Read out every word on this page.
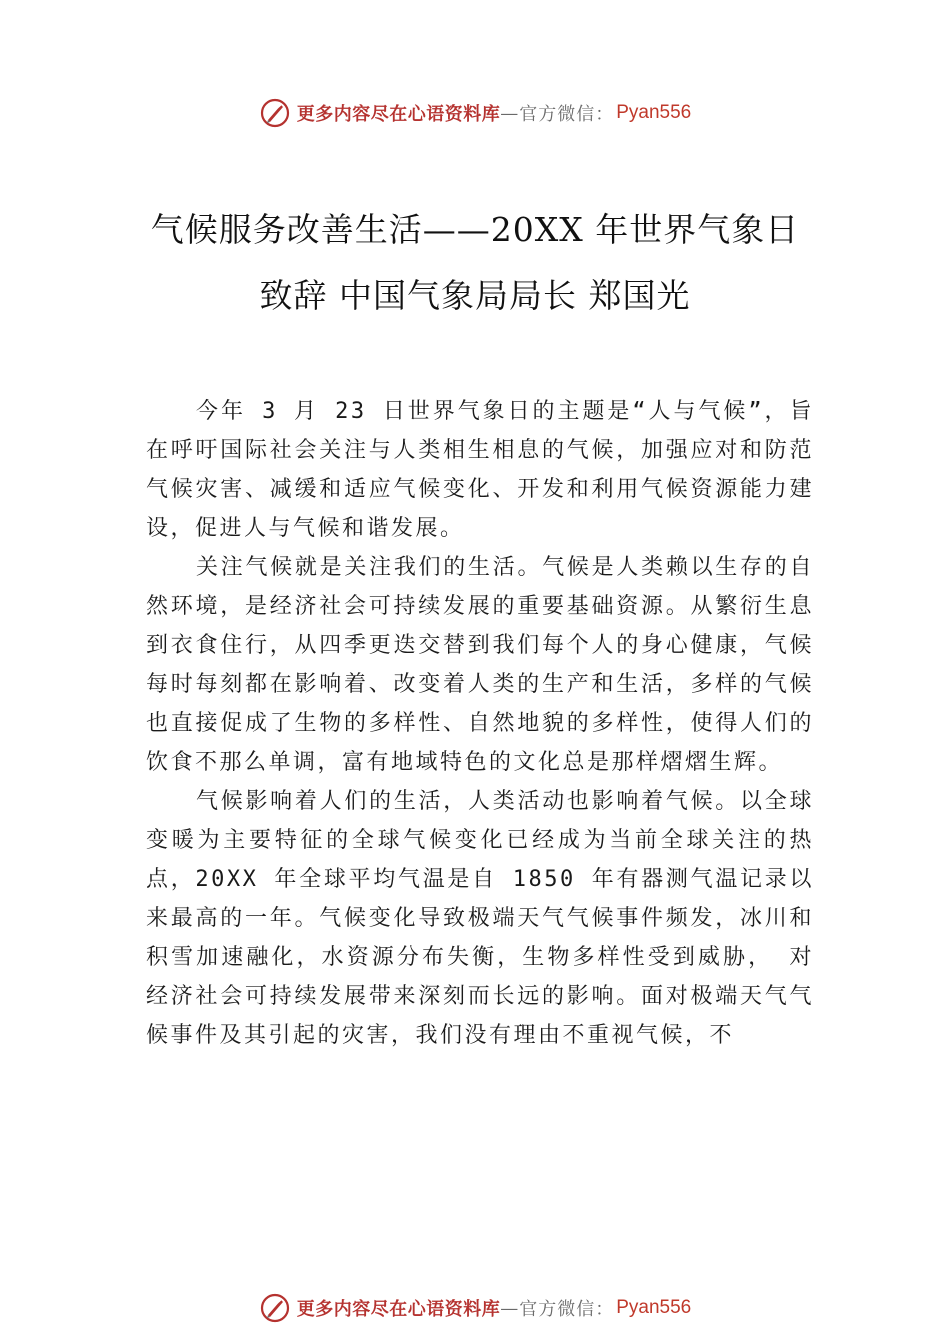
更多内容尽在心语资料库 — 官方微信： Pyan556
气候服务改善生活——20XX 年世界气象日
致辞 中国气象局局长 郑国光

今年 3 月 23 日世界气象日的主题是“人与气候”，旨在呼吁国际社会关注与人类相生相息的气候，加强应对和防范气候灾害、减缓和适应气候变化、开发和利用气候资源能力建设，促进人与气候和谐发展。

关注气候就是关注我们的生活。气候是人类赖以生存的自然环境，是经济社会可持续发展的重要基础资源。从繁衍生息到衣食住行，从四季更迭交替到我们每个人的身心健康，气候每时每刻都在影响着、改变着人类的生产和生活，多样的气候也直接促成了生物的多样性、自然地貌的多样性，使得人们的饮食不那么单调，富有地域特色的文化总是那样熠熠生辉。

气候影响着人们的生活，人类活动也影响着气候。以全球变暖为主要特征的全球气候变化已经成为当前全球关注的热点，20XX 年全球平均气温是自 1850 年有器测气温记录以来最高的一年。气候变化导致极端天气气候事件频发，冰川和积雪加速融化，水资源分布失衡，生物多样性受到威胁， 对经济社会可持续发展带来深刻而长远的影响。面对极端天气气候事件及其引起的灾害，我们没有理由不重视气候，不

更多内容尽在心语资料库 — 官方微信： Pyan556
